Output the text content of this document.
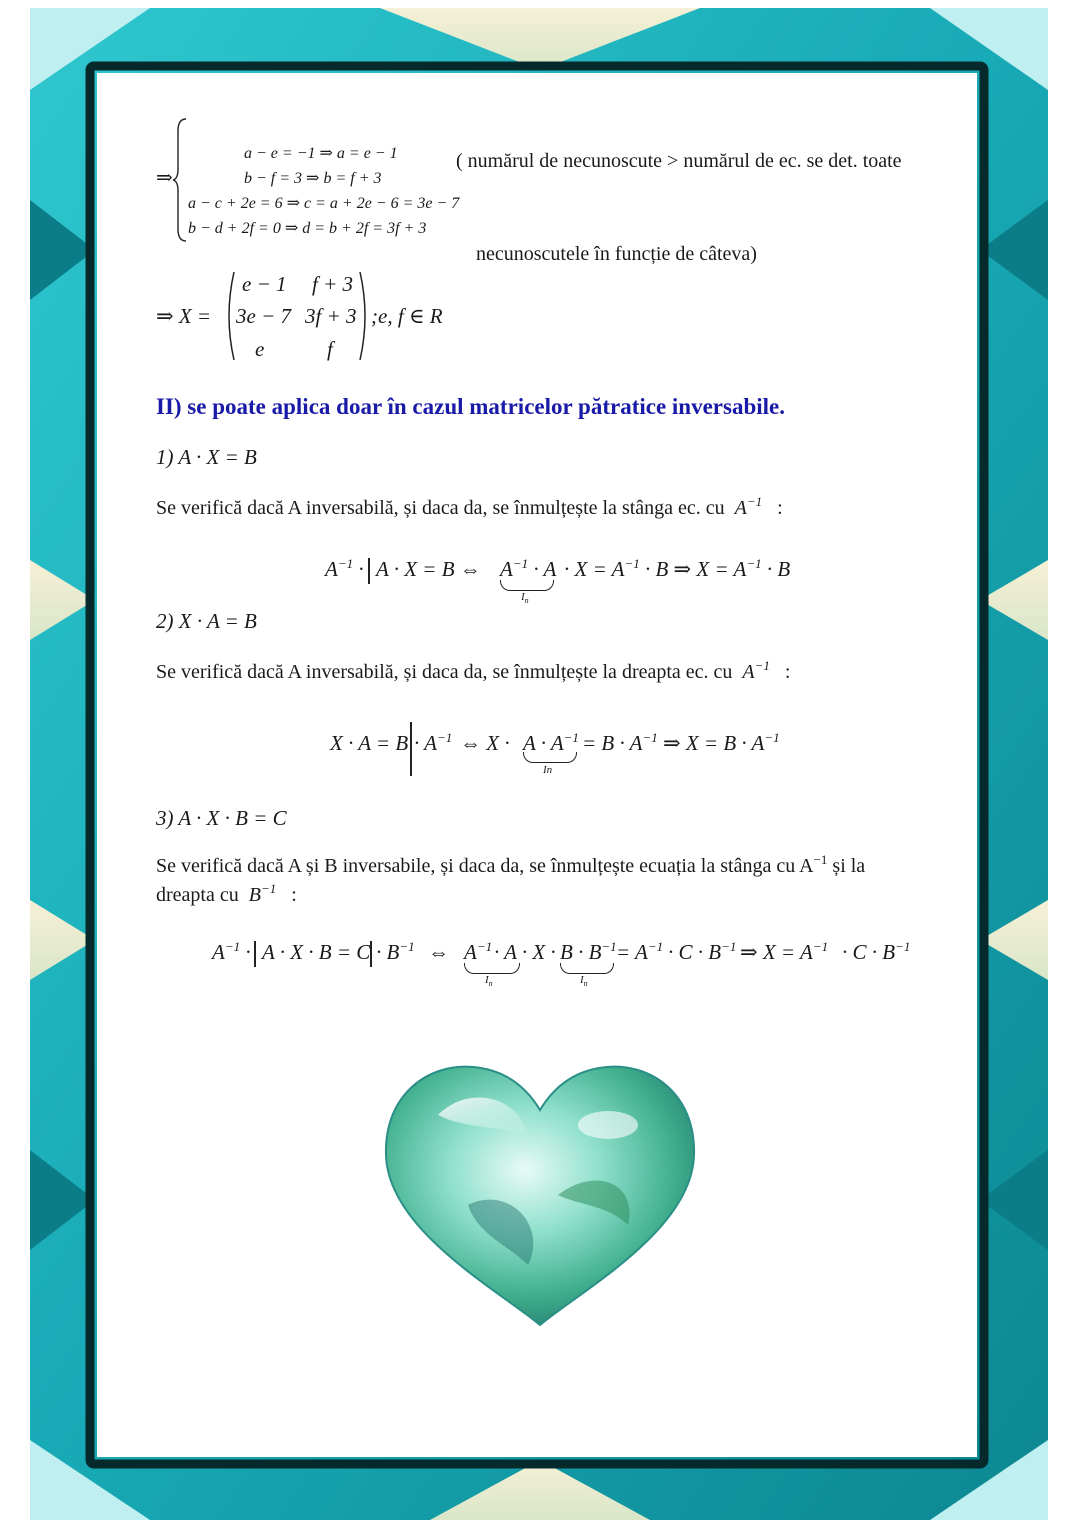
⇒
a − e = −1 ⇒ a = e − 1
b − f = 3 ⇒ b = f + 3
a − c + 2e = 6 ⇒ c = a + 2e − 6 = 3e − 7
b − d + 2f = 0 ⇒ d = b + 2f = 3f + 3
( numărul de necunoscute > numărul de ec. se det. toate
necunoscutele în funcție de câteva)
⇒ X =
e − 1 f + 3
3e − 7 3f + 3
e	f
;e, f ∈ R
II) se poate aplica doar în cazul matricelor pătratice inversabile.
1) A · X = B
Se verifică dacă A inversabilă, și daca da, se înmulțește la stânga ec. cu $A^{-1}$ :
$A^{-1} \cdot A \cdot X = B$ ⇔ $A^{-1} \cdot A \cdot X = A^{-1} \cdot B$ ⇒ $X = A^{-1} \cdot B$
$I_n$
2) X · A = B
Se verifică dacă A inversabilă, și daca da, se înmulțește la dreapta ec. cu $A^{-1}$ :
$X \cdot A = B \cdot A^{-1}$ ⇔ $X \cdot A \cdot A^{-1} = B \cdot A^{-1}$ ⇒ $X = B \cdot A^{-1}$
In
3) A · X · B = C
Se verifică dacă A și B inversabile, și daca da, se înmulțește ecuația la stânga cu $A^{-1}$ și la
dreapta cu  $B^{-1}$ :
$A^{-1} \cdot A \cdot X \cdot B = C \cdot B^{-1}$ ⇔ $A^{-1} \cdot A \cdot X \cdot B \cdot B^{-1} = A^{-1} \cdot C \cdot B^{-1}$ ⇒ $X = A^{-1} \cdot C \cdot B^{-1}$
$I_n$	$I_n$
